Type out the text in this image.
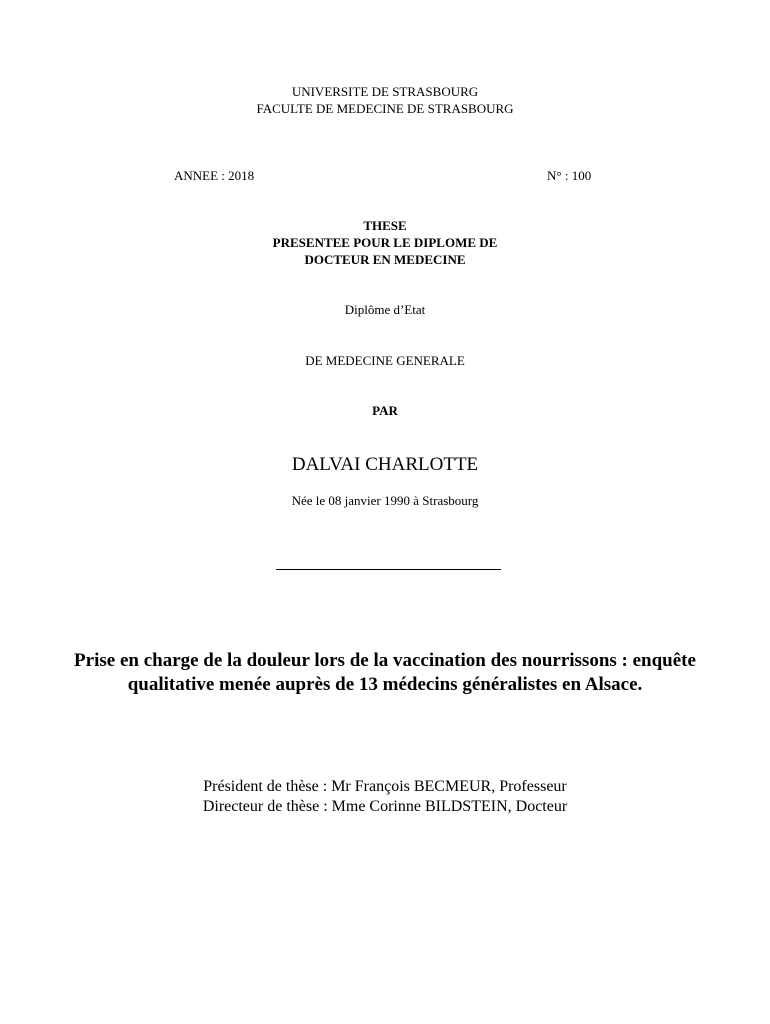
UNIVERSITE DE STRASBOURG
FACULTE DE MEDECINE DE STRASBOURG
ANNEE : 2018	N° : 100
THESE
PRESENTEE POUR LE DIPLOME DE
DOCTEUR EN MEDECINE
Diplôme d’Etat
DE MEDECINE GENERALE
PAR
DALVAI CHARLOTTE
Née le 08 janvier 1990 à Strasbourg
Prise en charge de la douleur lors de la vaccination des nourrissons : enquête
qualitative menée auprès de 13 médecins généralistes en Alsace.
Président de thèse : Mr François BECMEUR, Professeur
Directeur de thèse : Mme Corinne BILDSTEIN, Docteur
